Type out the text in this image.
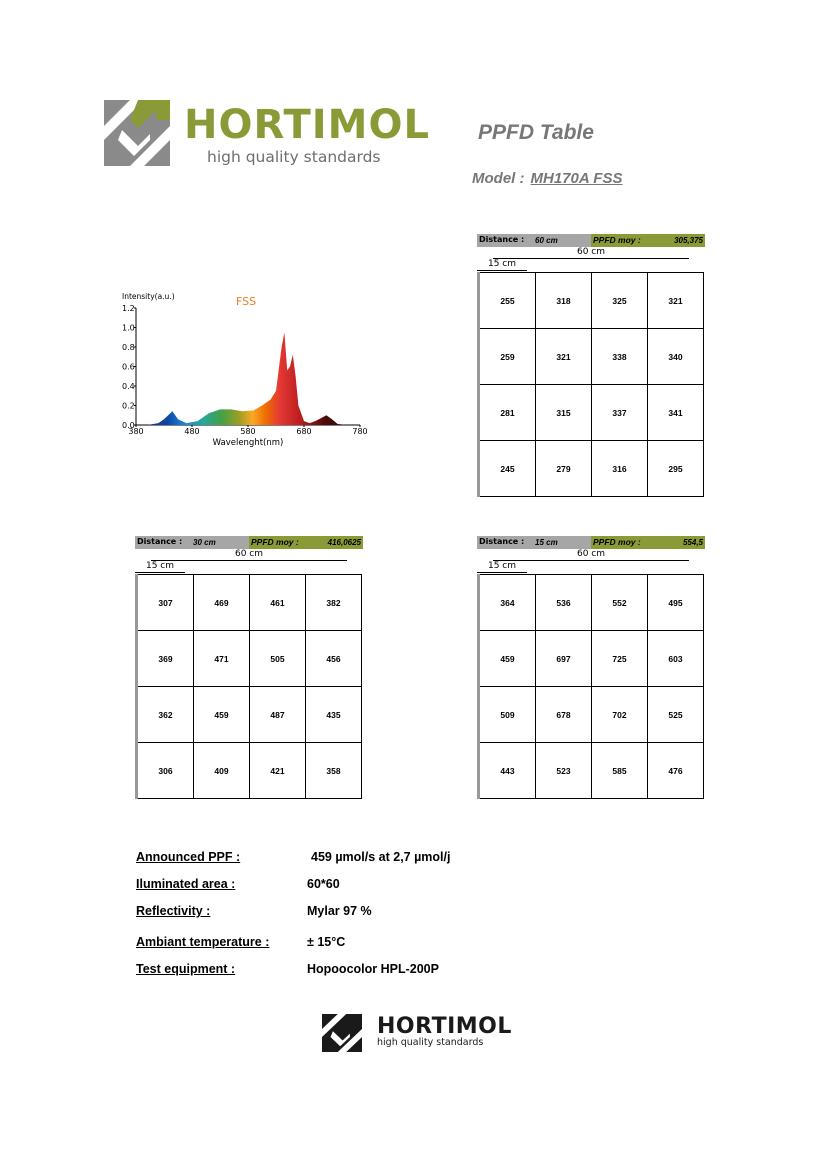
HORTIMOL
high quality standards
PPFD Table
Model : MH170A FSS
Intensity(a.u.)	FSS
Wavelenght(nm)
0.0
0.2
0.4
0.6
0.8
1.0
1.2
380	480	580	680	780
Distance : 60 cm	PPFD moy :	305,375
60 cm
15 cm
255	318	325	321
259	321	338	340
281	315	337	341
245	279	316	295
Distance : 30 cm	PPFD moy :	416,0625
60 cm
15 cm
307	469	461	382
369	471	505	456
362	459	487	435
306	409	421	358
Distance : 15 cm	PPFD moy :	554,5
60 cm
15 cm
364	536	552	495
459	697	725	603
509	678	702	525
443	523	585	476
Announced PPF :	459 µmol/s at 2,7 µmol/j
Iluminated area :	60*60
Reflectivity :	Mylar 97 %
Ambiant temperature :	± 15°C
Test equipment :	Hopoocolor HPL-200P
HORTIMOL
high quality standards
